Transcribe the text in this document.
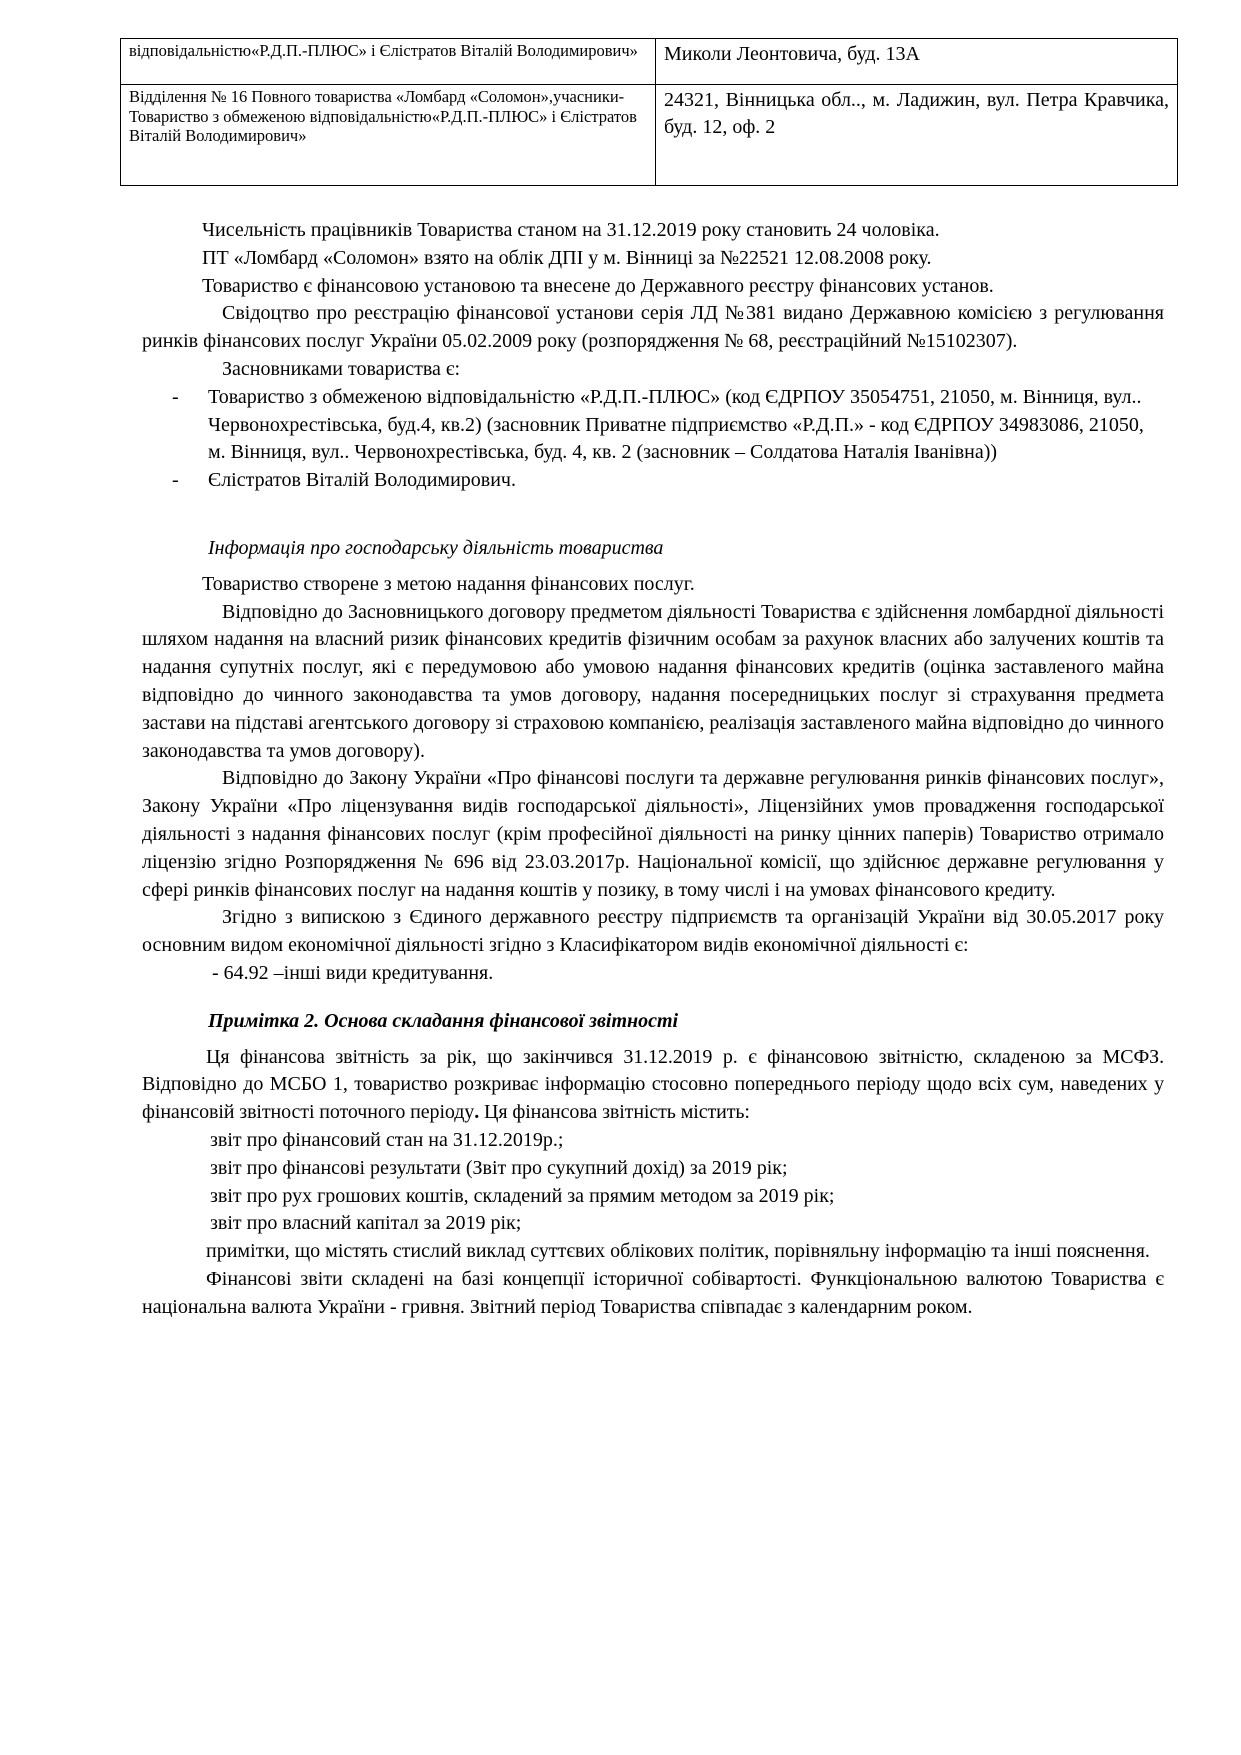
відповідальністю«Р.Д.П.-ПЛЮС» і Єлістратов Віталій Володимирович»	Миколи Леонтовича, буд. 13А
Відділення № 16 Повного товариства «Ломбард «Соломон»,учасники-Товариство з обмеженою відповідальністю«Р.Д.П.-ПЛЮС» і Єлістратов Віталій Володимирович»	24321, Вінницька обл.., м. Ладижин, вул. Петра Кравчика, буд. 12, оф. 2

Чисельність працівників Товариства станом на 31.12.2019 року становить 24 чоловіка.

ПТ «Ломбард «Соломон» взято на облік ДПІ у м. Вінниці за №22521 12.08.2008 року.

Товариство є фінансовою установою та внесене до Державного реєстру фінансових установ.

Свідоцтво про реєстрацію фінансової установи серія ЛД №381 видано Державною комісією з регулювання ринків фінансових послуг України 05.02.2009 року (розпорядження № 68, реєстраційний №15102307).

Засновниками товариства є:

- Товариство з обмеженою відповідальністю «Р.Д.П.-ПЛЮС» (код ЄДРПОУ 35054751, 21050, м. Вінниця, вул.. Червонохрестівська, буд.4, кв.2) (засновник Приватне підприємство «Р.Д.П.» - код ЄДРПОУ 34983086, 21050, м. Вінниця, вул.. Червонохрестівська, буд. 4, кв. 2 (засновник – Солдатова Наталія Іванівна))
- Єлістратов Віталій Володимирович.

Інформація про господарську діяльність товариства

Товариство створене з метою надання фінансових послуг.

Відповідно до Засновницького договору предметом діяльності Товариства є здійснення ломбардної діяльності шляхом надання на власний ризик фінансових кредитів фізичним особам за рахунок власних або залучених коштів та надання супутніх послуг, які є передумовою або умовою надання фінансових кредитів (оцінка заставленого майна відповідно до чинного законодавства та умов договору, надання посередницьких послуг зі страхування предмета застави на підставі агентського договору зі страховою компанією, реалізація заставленого майна відповідно до чинного законодавства та умов договору).

Відповідно до Закону України «Про фінансові послуги та державне регулювання ринків фінансових послуг», Закону України «Про ліцензування видів господарської діяльності», Ліцензійних умов провадження господарської діяльності з надання фінансових послуг (крім професійної діяльності на ринку цінних паперів) Товариство отримало ліцензію згідно Розпорядження № 696 від 23.03.2017р. Національної комісії, що здійснює державне регулювання у сфері ринків фінансових послуг на надання коштів у позику, в тому числі і на умовах фінансового кредиту.

Згідно з випискою з Єдиного державного реєстру підприємств та організацій України від 30.05.2017 року основним видом економічної діяльності згідно з Класифікатором видів економічної діяльності є:

- 64.92 –інші види кредитування.

Примітка 2. Основа складання фінансової звітності

Ця фінансова звітність за рік, що закінчився 31.12.2019 р. є фінансовою звітністю, складеною за МСФЗ. Відповідно до МСБО 1, товариство розкриває інформацію стосовно попереднього періоду щодо всіх сум, наведених у фінансовій звітності поточного періоду. Ця фінансова звітність містить:

звіт про фінансовий стан на 31.12.2019р.;

звіт про фінансові результати (Звіт про сукупний дохід) за 2019 рік;

звіт про рух грошових коштів, складений за прямим методом за 2019 рік;

звіт про власний капітал за 2019 рік;

примітки, що містять стислий виклад суттєвих облікових політик, порівняльну інформацію та інші пояснення.

Фінансові звіти складені на базі концепції історичної собівартості. Функціональною валютою Товариства є національна валюта України - гривня. Звітний період Товариства співпадає з календарним роком.
